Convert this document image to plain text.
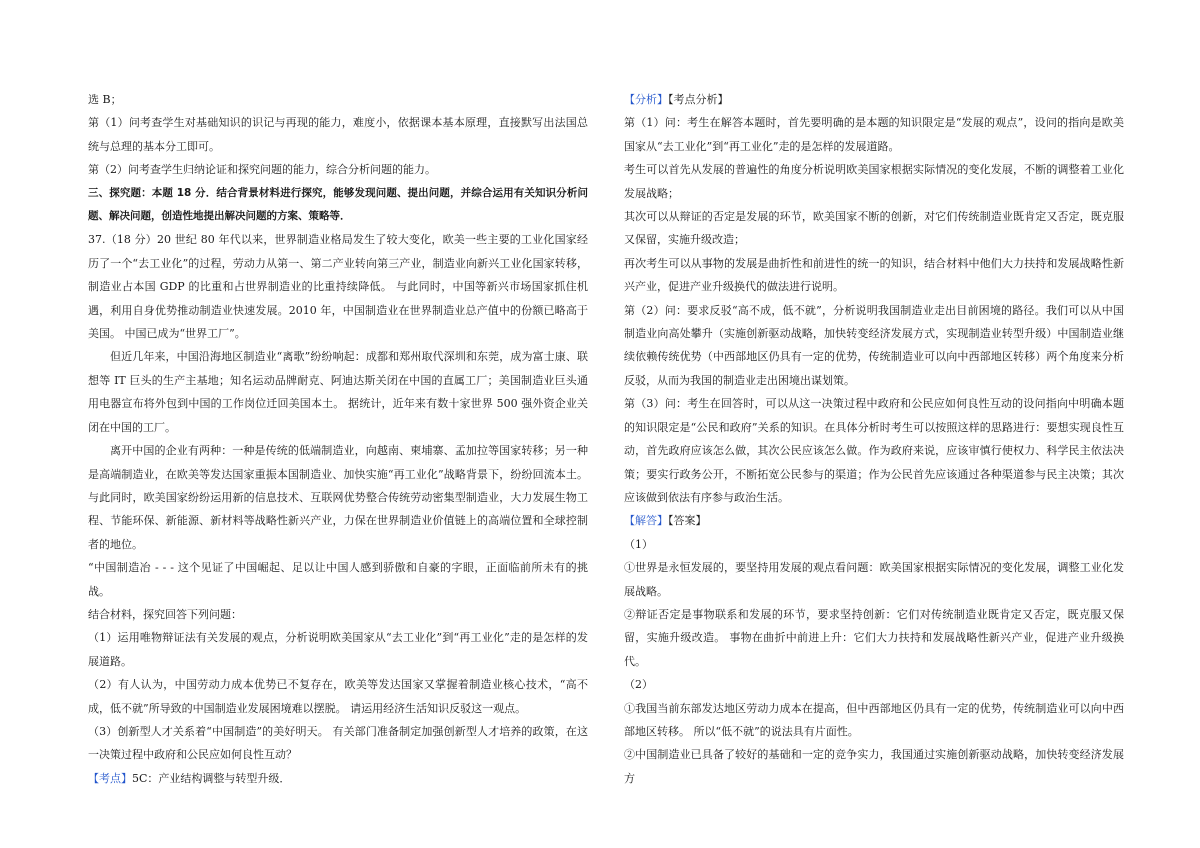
选 B；

第（1）问考查学生对基础知识的识记与再现的能力，难度小，依据课本基本原理，直接默写出法国总统与总理的基本分工即可。

第（2）问考查学生归纳论证和探究问题的能力，综合分析问题的能力。

三、探究题：本题 18 分．结合背景材料进行探究，能够发现问题、提出问题，并综合运用有关知识分析问题、解决问题，创造性地提出解决问题的方案、策略等．

37.（18 分）20 世纪 80 年代以来，世界制造业格局发生了较大变化，欧美一些主要的工业化国家经历了一个“去工业化”的过程，劳动力从第一、第二产业转向第三产业，制造业向新兴工业化国家转移，制造业占本国 GDP 的比重和占世界制造业的比重持续降低。 与此同时，中国等新兴市场国家抓住机遇，利用自身优势推动制造业快速发展。2010 年，中国制造业在世界制造业总产值中的份额已略高于美国。 中国已成为“世界工厂”。

但近几年来，中国沿海地区制造业“离歌”纷纷响起：成都和郑州取代深圳和东莞，成为富士康、联想等 IT 巨头的生产主基地；知名运动品牌耐克、阿迪达斯关闭在中国的直属工厂；美国制造业巨头通用电器宣布将外包到中国的工作岗位迁回美国本土。 据统计，近年来有数十家世界 500 强外资企业关闭在中国的工厂。

离开中国的企业有两种：一种是传统的低端制造业，向越南、柬埔寨、孟加拉等国家转移；另一种是高端制造业，在欧美等发达国家重振本国制造业、加快实施“再工业化”战略背景下，纷纷回流本土。 与此同时，欧美国家纷纷运用新的信息技术、互联网优势整合传统劳动密集型制造业，大力发展生物工程、节能环保、新能源、新材料等战略性新兴产业，力保在世界制造业价值链上的高端位置和全球控制者的地位。

“中国制造冶 - - - 这个见证了中国崛起、足以让中国人感到骄傲和自豪的字眼，正面临前所未有的挑战。

结合材料，探究回答下列问题：

（1）运用唯物辩证法有关发展的观点，分析说明欧美国家从“去工业化”到“再工业化”走的是怎样的发展道路。

（2）有人认为，中国劳动力成本优势已不复存在，欧美等发达国家又掌握着制造业核心技术，“高不成，低不就”所导致的中国制造业发展困境难以摆脱。 请运用经济生活知识反驳这一观点。

（3）创新型人才关系着“中国制造”的美好明天。 有关部门准备制定加强创新型人才培养的政策，在这一决策过程中政府和公民应如何良性互动？

【考点】5C：产业结构调整与转型升级．

【分析】【考点分析】

第（1）问：考生在解答本题时，首先要明确的是本题的知识限定是“发展的观点”，设问的指向是欧美国家从“去工业化”到“再工业化”走的是怎样的发展道路。

考生可以首先从发展的普遍性的角度分析说明欧美国家根据实际情况的变化发展，不断的调整着工业化发展战略；

其次可以从辩证的否定是发展的环节，欧美国家不断的创新，对它们传统制造业既肯定又否定，既克服又保留，实施升级改造；

再次考生可以从事物的发展是曲折性和前进性的统一的知识，结合材料中他们大力扶持和发展战略性新兴产业，促进产业升级换代的做法进行说明。

第（2）问：要求反驳“高不成，低不就”，分析说明我国制造业走出目前困境的路径。我们可以从中国制造业向高处攀升（实施创新驱动战略，加快转变经济发展方式，实现制造业转型升级）中国制造业继续依赖传统优势（中西部地区仍具有一定的优势，传统制造业可以向中西部地区转移）两个角度来分析反驳，从而为我国的制造业走出困境出谋划策。

第（3）问：考生在回答时，可以从这一决策过程中政府和公民应如何良性互动的设问指向中明确本题的知识限定是“公民和政府”关系的知识。在具体分析时考生可以按照这样的思路进行：要想实现良性互动，首先政府应该怎么做，其次公民应该怎么做。作为政府来说，应该审慎行使权力、科学民主依法决策；要实行政务公开，不断拓宽公民参与的渠道；作为公民首先应该通过各种渠道参与民主决策；其次应该做到依法有序参与政治生活。

【解答】【答案】

（1）

①世界是永恒发展的，要坚持用发展的观点看问题：欧美国家根据实际情况的变化发展，调整工业化发展战略。

②辩证否定是事物联系和发展的环节，要求坚持创新：它们对传统制造业既肯定又否定，既克服又保留，实施升级改造。 事物在曲折中前进上升：它们大力扶持和发展战略性新兴产业，促进产业升级换代。

（2）

①我国当前东部发达地区劳动力成本在提高，但中西部地区仍具有一定的优势，传统制造业可以向中西部地区转移。 所以“低不就”的说法具有片面性。

②中国制造业已具备了较好的基础和一定的竞争实力，我国通过实施创新驱动战略，加快转变经济发展方
